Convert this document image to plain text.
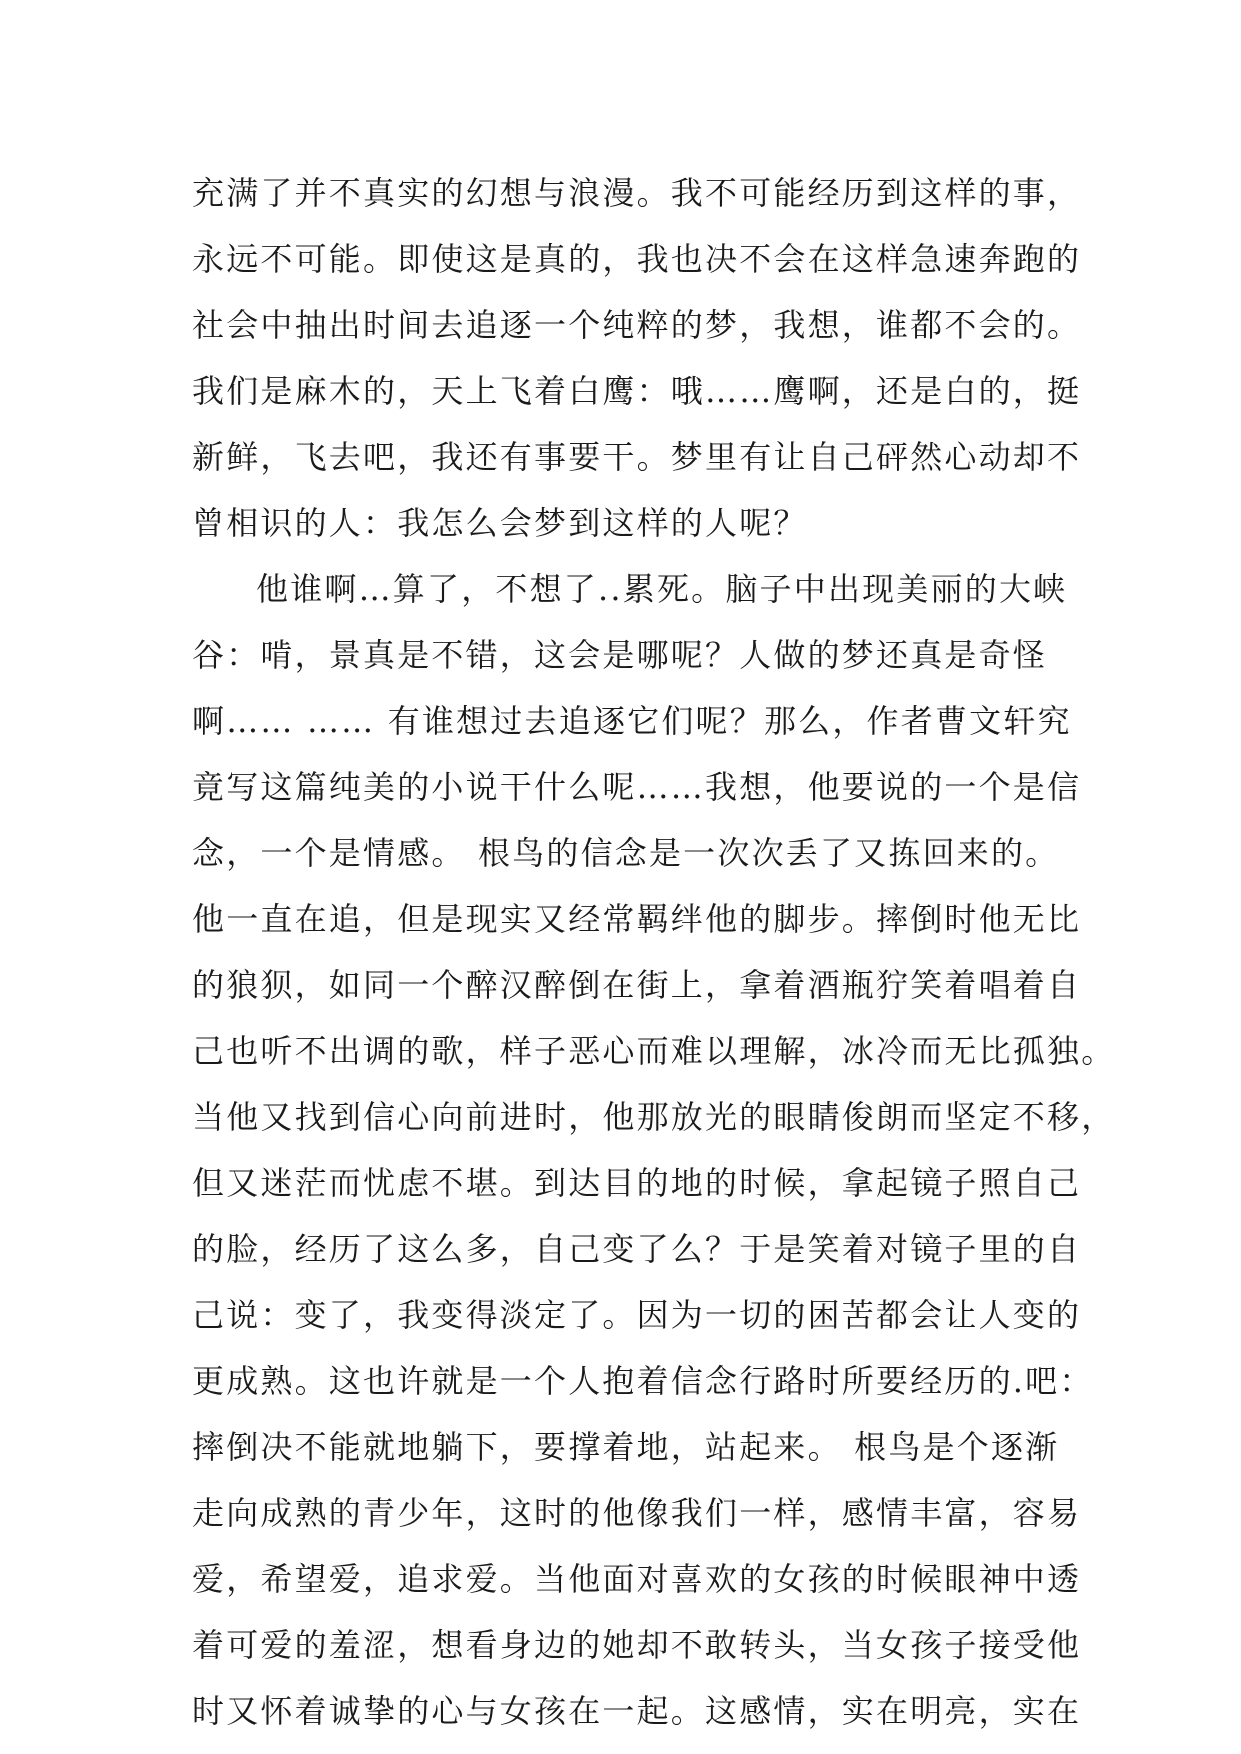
充满了并不真实的幻想与浪漫。我不可能经历到这样的事，
永远不可能。即使这是真的，我也决不会在这样急速奔跑的
社会中抽出时间去追逐一个纯粹的梦，我想，谁都不会的。
我们是麻木的，天上飞着白鹰：哦……鹰啊，还是白的，挺
新鲜，飞去吧，我还有事要干。梦里有让自己砰然心动却不
曾相识的人：我怎么会梦到这样的人呢？
他谁啊…算了，不想了..累死。脑子中出现美丽的大峡
谷：啃，景真是不错，这会是哪呢？人做的梦还真是奇怪
啊…… …… 有谁想过去追逐它们呢？那么，作者曹文轩究
竟写这篇纯美的小说干什么呢……我想，他要说的一个是信
念，一个是情感。 根鸟的信念是一次次丢了又拣回来的。
他一直在追，但是现实又经常羁绊他的脚步。摔倒时他无比
的狼狈，如同一个醉汉醉倒在街上，拿着酒瓶狞笑着唱着自
己也听不出调的歌，样子恶心而难以理解，冰冷而无比孤独。
当他又找到信心向前进时，他那放光的眼睛俊朗而坚定不移，
但又迷茫而忧虑不堪。到达目的地的时候，拿起镜子照自己
的脸，经历了这么多，自己变了么？于是笑着对镜子里的自
己说：变了，我变得淡定了。因为一切的困苦都会让人变的
更成熟。这也许就是一个人抱着信念行路时所要经历的.吧：
摔倒决不能就地躺下，要撑着地，站起来。 根鸟是个逐渐
走向成熟的青少年，这时的他像我们一样，感情丰富，容易
爱，希望爱，追求爱。当他面对喜欢的女孩的时候眼神中透
着可爱的羞涩，想看身边的她却不敢转头，当女孩子接受他
时又怀着诚挚的心与女孩在一起。这感情，实在明亮，实在
